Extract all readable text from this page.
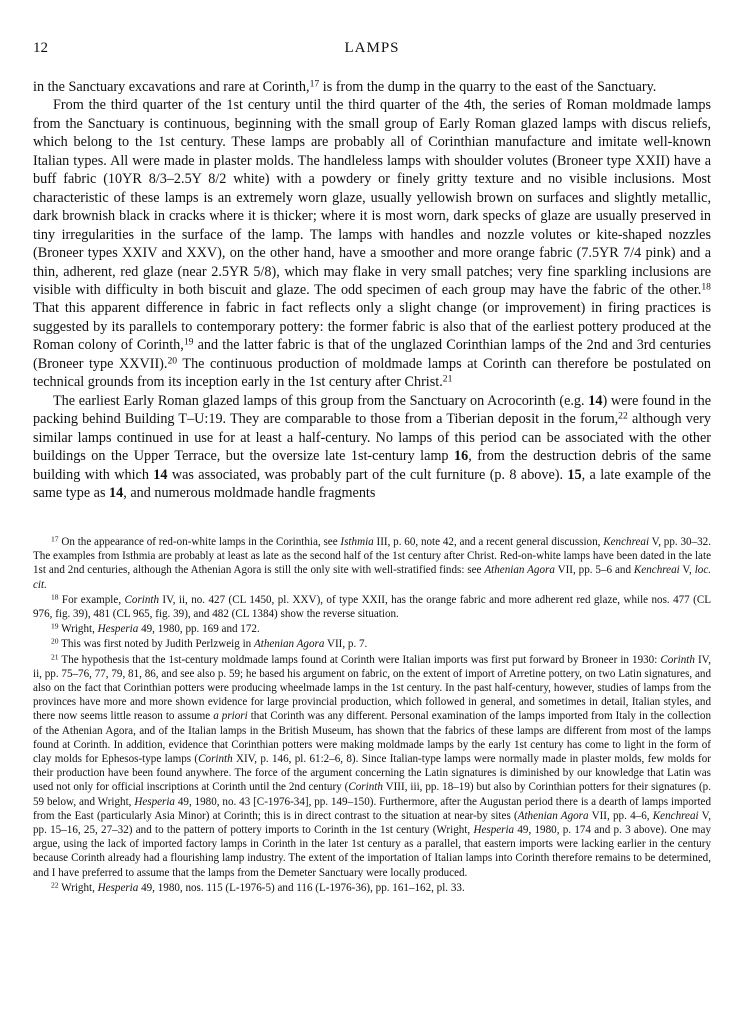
12	LAMPS

in the Sanctuary excavations and rare at Corinth,$^{17}$ is from the dump in the quarry to the east of the Sanctuary.

From the third quarter of the 1st century until the third quarter of the 4th, the series of Roman moldmade lamps from the Sanctuary is continuous, beginning with the small group of Early Roman glazed lamps with discus reliefs, which belong to the 1st century. These lamps are probably all of Corinthian manufacture and imitate well-known Italian types. All were made in plaster molds. The handleless lamps with shoulder volutes (Broneer type XXII) have a buff fabric (10YR 8/3–2.5Y 8/2 white) with a powdery or finely gritty texture and no visible inclusions. Most characteristic of these lamps is an extremely worn glaze, usually yellowish brown on surfaces and slightly metallic, dark brownish black in cracks where it is thicker; where it is most worn, dark specks of glaze are usually preserved in tiny irregularities in the surface of the lamp. The lamps with handles and nozzle volutes or kite-shaped nozzles (Broneer types XXIV and XXV), on the other hand, have a smoother and more orange fabric (7.5YR 7/4 pink) and a thin, adherent, red glaze (near 2.5YR 5/8), which may flake in very small patches; very fine sparkling inclusions are visible with difficulty in both biscuit and glaze. The odd specimen of each group may have the fabric of the other.$^{18}$ That this apparent difference in fabric in fact reflects only a slight change (or improvement) in firing practices is suggested by its parallels to contemporary pottery: the former fabric is also that of the earliest pottery produced at the Roman colony of Corinth,$^{19}$ and the latter fabric is that of the unglazed Corinthian lamps of the 2nd and 3rd centuries (Broneer type XXVII).$^{20}$ The continuous production of moldmade lamps at Corinth can therefore be postulated on technical grounds from its inception early in the 1st century after Christ.$^{21}$

The earliest Early Roman glazed lamps of this group from the Sanctuary on Acrocorinth (e.g. 14) were found in the packing behind Building T–U:19. They are comparable to those from a Tiberian deposit in the forum,$^{22}$ although very similar lamps continued in use for at least a half-century. No lamps of this period can be associated with the other buildings on the Upper Terrace, but the oversize late 1st-century lamp 16, from the destruction debris of the same building with which 14 was associated, was probably part of the cult furniture (p. 8 above). 15, a late example of the same type as 14, and numerous moldmade handle fragments

$^{17}$ On the appearance of red-on-white lamps in the Corinthia, see Isthmia III, p. 60, note 42, and a recent general discussion, Kenchreai V, pp. 30–32. The examples from Isthmia are probably at least as late as the second half of the 1st century after Christ. Red-on-white lamps have been dated in the late 1st and 2nd centuries, although the Athenian Agora is still the only site with well-stratified finds: see Athenian Agora VII, pp. 5–6 and Kenchreai V, loc. cit.

$^{18}$ For example, Corinth IV, ii, no. 427 (CL 1450, pl. XXV), of type XXII, has the orange fabric and more adherent red glaze, while nos. 477 (CL 976, fig. 39), 481 (CL 965, fig. 39), and 482 (CL 1384) show the reverse situation.

$^{19}$ Wright, Hesperia 49, 1980, pp. 169 and 172.

$^{20}$ This was first noted by Judith Perlzweig in Athenian Agora VII, p. 7.

$^{21}$ The hypothesis that the 1st-century moldmade lamps found at Corinth were Italian imports was first put forward by Broneer in 1930: Corinth IV, ii, pp. 75–76, 77, 79, 81, 86, and see also p. 59; he based his argument on fabric, on the extent of import of Arretine pottery, on two Latin signatures, and also on the fact that Corinthian potters were producing wheelmade lamps in the 1st century. In the past half-century, however, studies of lamps from the provinces have more and more shown evidence for large provincial production, which followed in general, and sometimes in detail, Italian styles, and there now seems little reason to assume a priori that Corinth was any different. Personal examination of the lamps imported from Italy in the collection of the Athenian Agora, and of the Italian lamps in the British Museum, has shown that the fabrics of these lamps are different from most of the lamps found at Corinth. In addition, evidence that Corinthian potters were making moldmade lamps by the early 1st century has come to light in the form of clay molds for Ephesos-type lamps (Corinth XIV, p. 146, pl. 61:2–6, 8). Since Italian-type lamps were normally made in plaster molds, few molds for their production have been found anywhere. The force of the argument concerning the Latin signatures is diminished by our knowledge that Latin was used not only for official inscriptions at Corinth until the 2nd century (Corinth VIII, iii, pp. 18–19) but also by Corinthian potters for their signatures (p. 59 below, and Wright, Hesperia 49, 1980, no. 43 [C-1976-34], pp. 149–150). Furthermore, after the Augustan period there is a dearth of lamps imported from the East (particularly Asia Minor) at Corinth; this is in direct contrast to the situation at near-by sites (Athenian Agora VII, pp. 4–6, Kenchreai V, pp. 15–16, 25, 27–32) and to the pattern of pottery imports to Corinth in the 1st century (Wright, Hesperia 49, 1980, p. 174 and p. 3 above). One may argue, using the lack of imported factory lamps in Corinth in the later 1st century as a parallel, that eastern imports were lacking earlier in the century because Corinth already had a flourishing lamp industry. The extent of the importation of Italian lamps into Corinth therefore remains to be determined, and I have preferred to assume that the lamps from the Demeter Sanctuary were locally produced.

$^{22}$ Wright, Hesperia 49, 1980, nos. 115 (L-1976-5) and 116 (L-1976-36), pp. 161–162, pl. 33.
